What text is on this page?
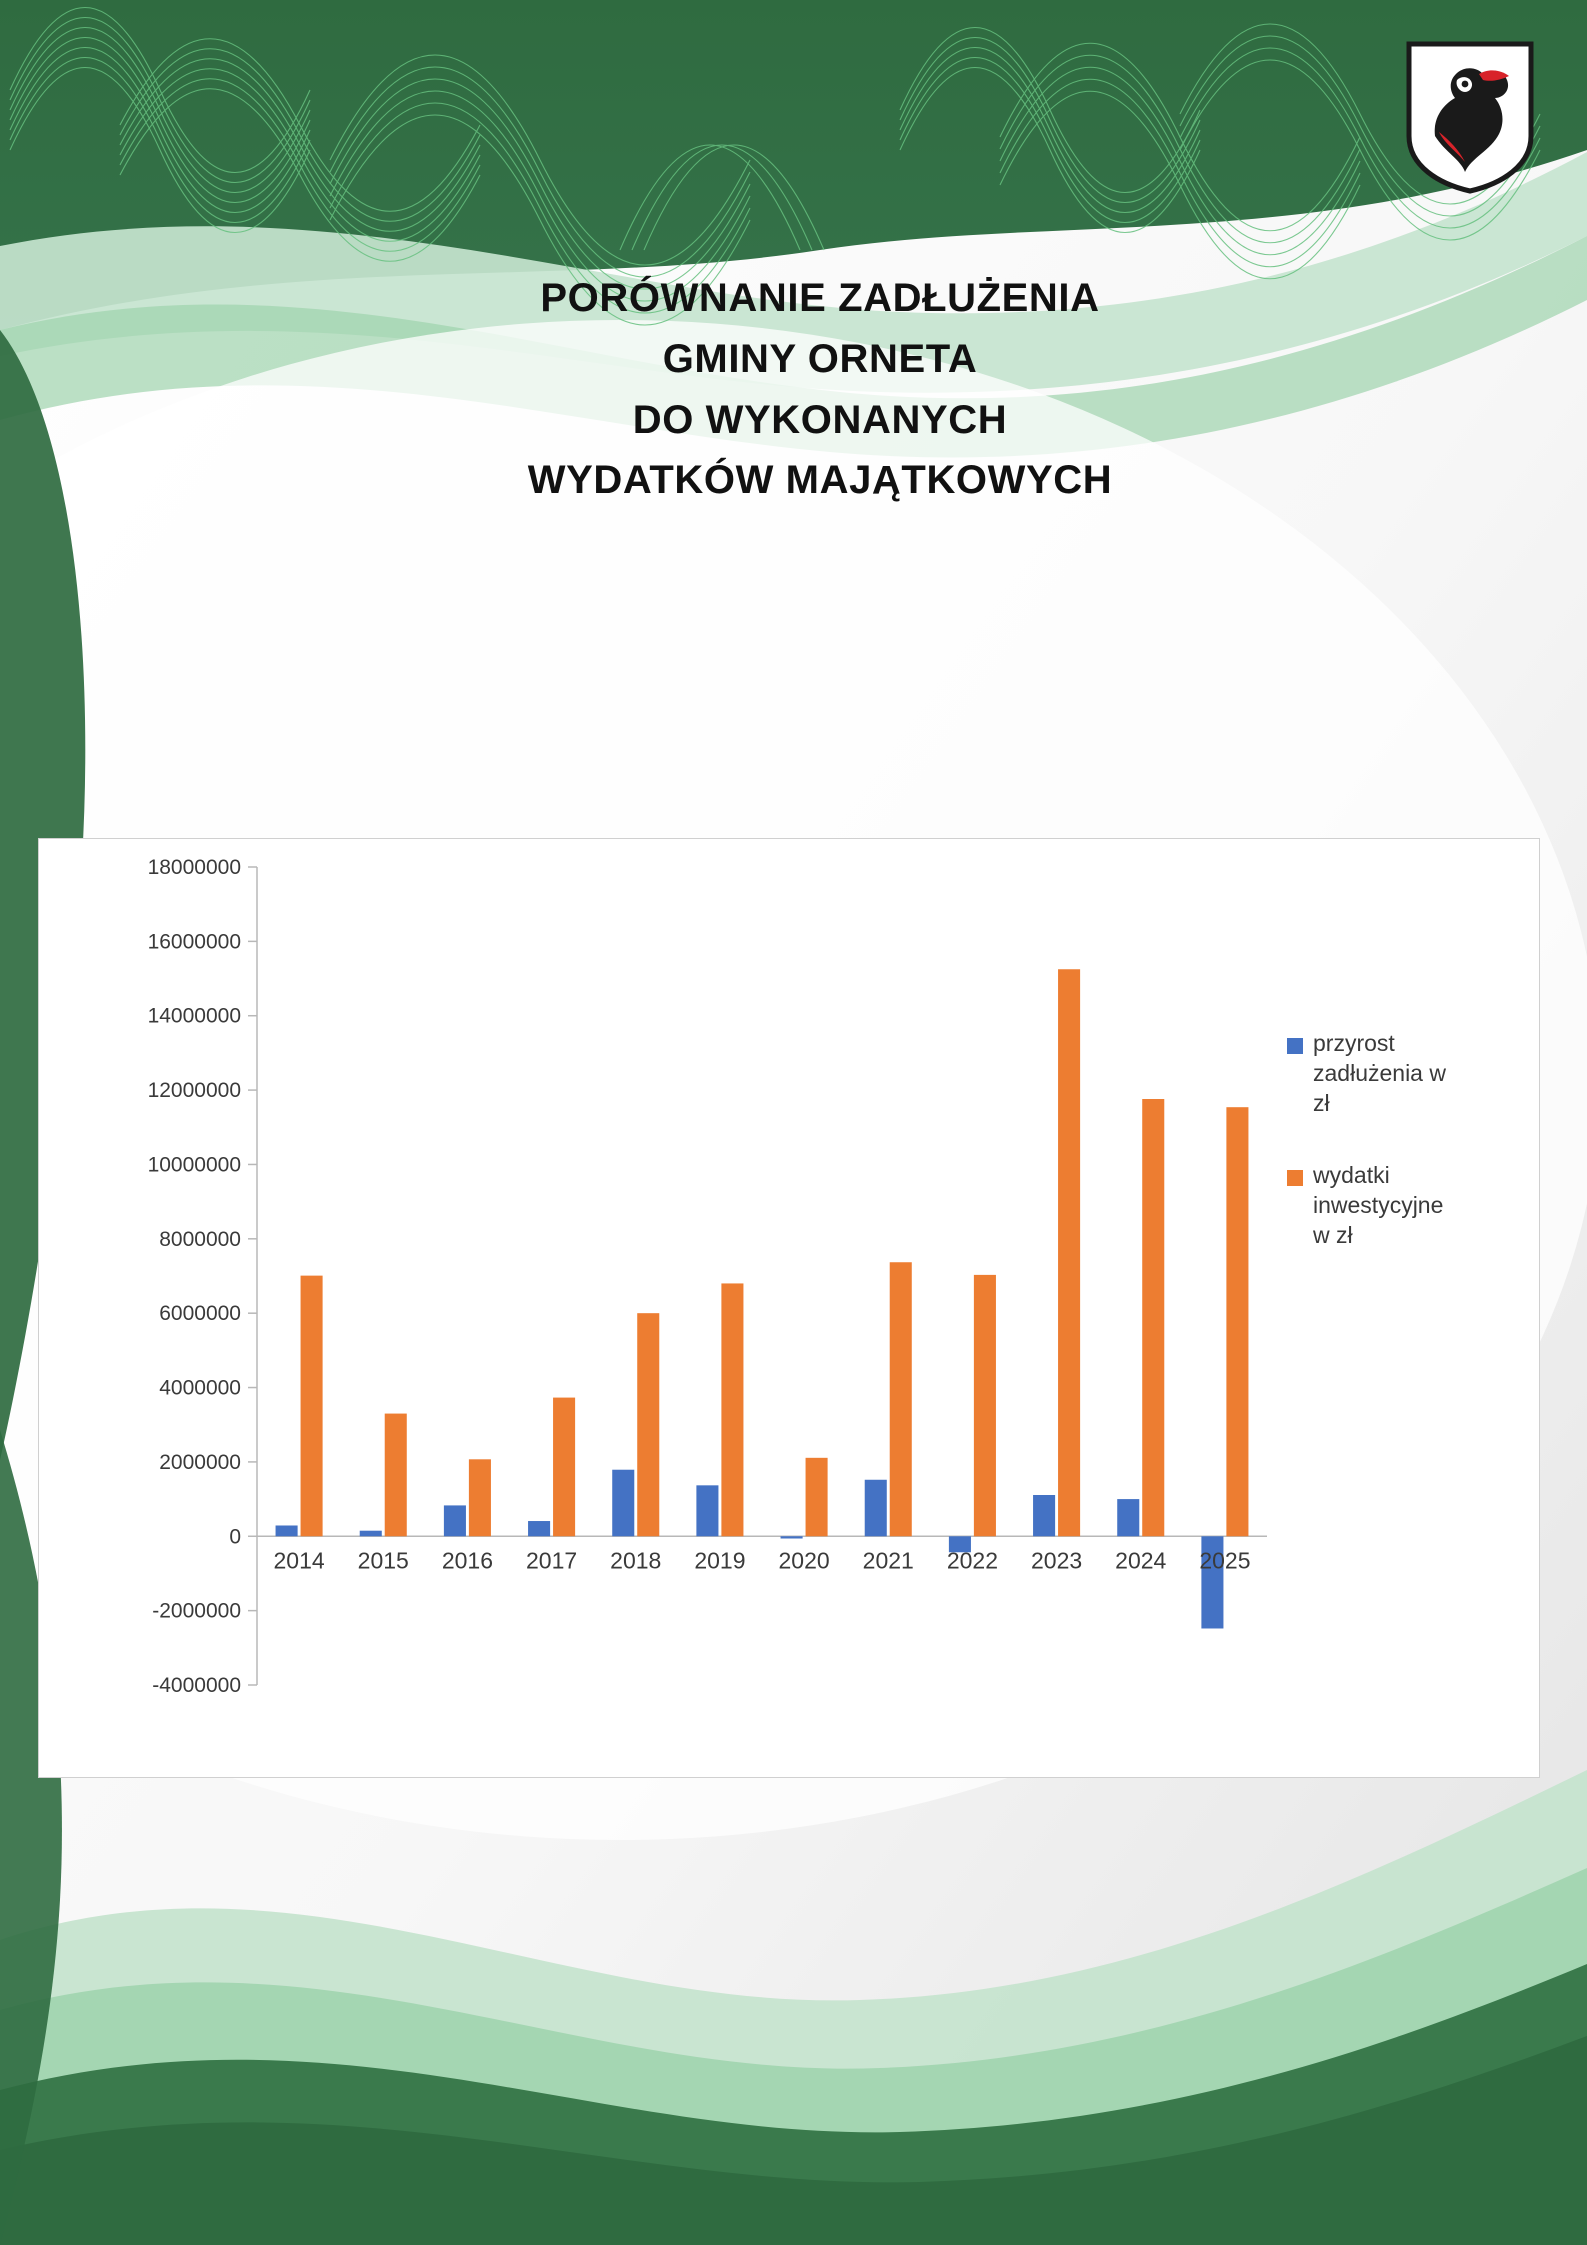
PORÓWNANIE ZADŁUŻENIA
GMINY ORNETA
DO WYKONANYCH
WYDATKÓW MAJĄTKOWYCH
18000000
16000000
14000000
12000000
10000000
8000000
6000000
4000000
2000000
0
-2000000
-4000000
2014 2015 2016 2017 2018 2019 2020 2021 2022 2023 2024 2025
przyrost
zadłużenia w
zł
wydatki
inwestycyjne
w zł
